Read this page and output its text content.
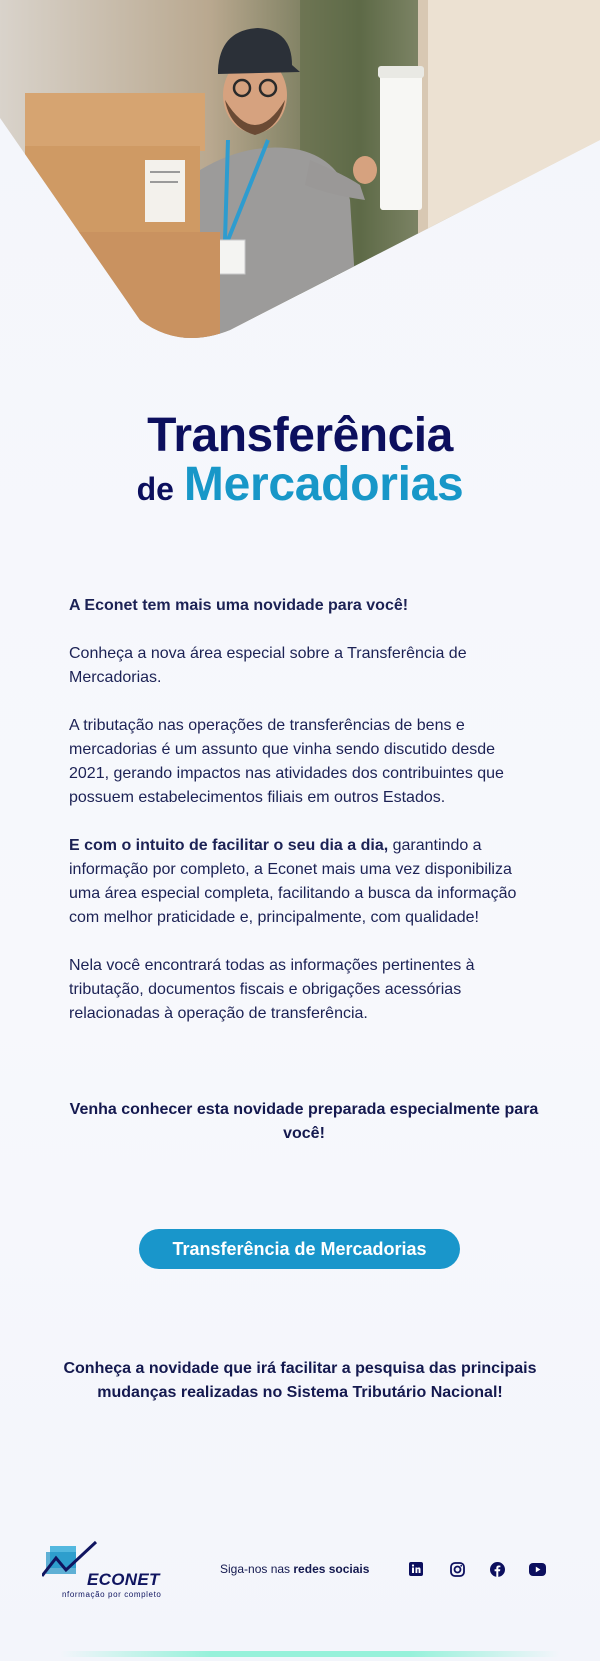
Transferência
de Mercadorias

A Econet tem mais uma novidade para você!

Conheça a nova área especial sobre a Transferência de Mercadorias.

A tributação nas operações de transferências de bens e mercadorias é um assunto que vinha sendo discutido desde 2021, gerando impactos nas atividades dos contribuintes que possuem estabelecimentos filiais em outros Estados.

E com o intuito de facilitar o seu dia a dia, garantindo a informação por completo, a Econet mais uma vez disponibiliza uma área especial completa, facilitando a busca da informação com melhor praticidade e, principalmente, com qualidade!

Nela você encontrará todas as informações pertinentes à tributação, documentos fiscais e obrigações acessórias relacionadas à operação de transferência.

Venha conhecer esta novidade preparada especialmente para você!
Transferência de Mercadorias
Conheça a novidade que irá facilitar a pesquisa das principais mudanças realizadas no Sistema Tributário Nacional!
ECONET
nformação por completo
Siga-nos nas redes sociais
